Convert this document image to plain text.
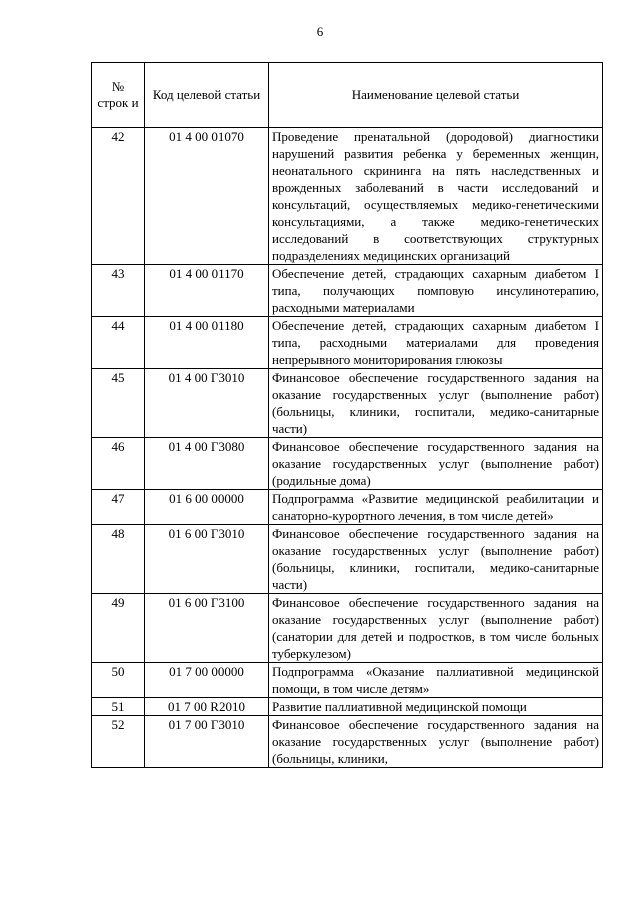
6
№ строк и	Код целевой статьи	Наименование целевой статьи
42	01 4 00 01070	Проведение пренатальной (дородовой) диагностики нарушений развития ребенка у беременных женщин, неонатального скрининга на пять наследственных и врожденных заболеваний в части исследований и консультаций, осуществляемых медико-генетическими консультациями, а также медико-генетических исследований в соответствующих структурных подразделениях медицинских организаций
43	01 4 00 01170	Обеспечение детей, страдающих сахарным диабетом I типа, получающих помповую инсулинотерапию, расходными материалами
44	01 4 00 01180	Обеспечение детей, страдающих сахарным диабетом I типа, расходными материалами для проведения непрерывного мониторирования глюкозы
45	01 4 00 Г3010	Финансовое обеспечение государственного задания на оказание государственных услуг (выполнение работ) (больницы, клиники, госпитали, медико-санитарные части)
46	01 4 00 Г3080	Финансовое обеспечение государственного задания на оказание государственных услуг (выполнение работ) (родильные дома)
47	01 6 00 00000	Подпрограмма «Развитие медицинской реабилитации и санаторно-курортного лечения, в том числе детей»
48	01 6 00 Г3010	Финансовое обеспечение государственного задания на оказание государственных услуг (выполнение работ) (больницы, клиники, госпитали, медико-санитарные части)
49	01 6 00 Г3100	Финансовое обеспечение государственного задания на оказание государственных услуг (выполнение работ) (санатории для детей и подростков, в том числе больных туберкулезом)
50	01 7 00 00000	Подпрограмма «Оказание паллиативной медицинской помощи, в том числе детям»
51	01 7 00 R2010	Развитие паллиативной медицинской помощи
52	01 7 00 Г3010	Финансовое обеспечение государственного задания на оказание государственных услуг (выполнение работ) (больницы, клиники,
